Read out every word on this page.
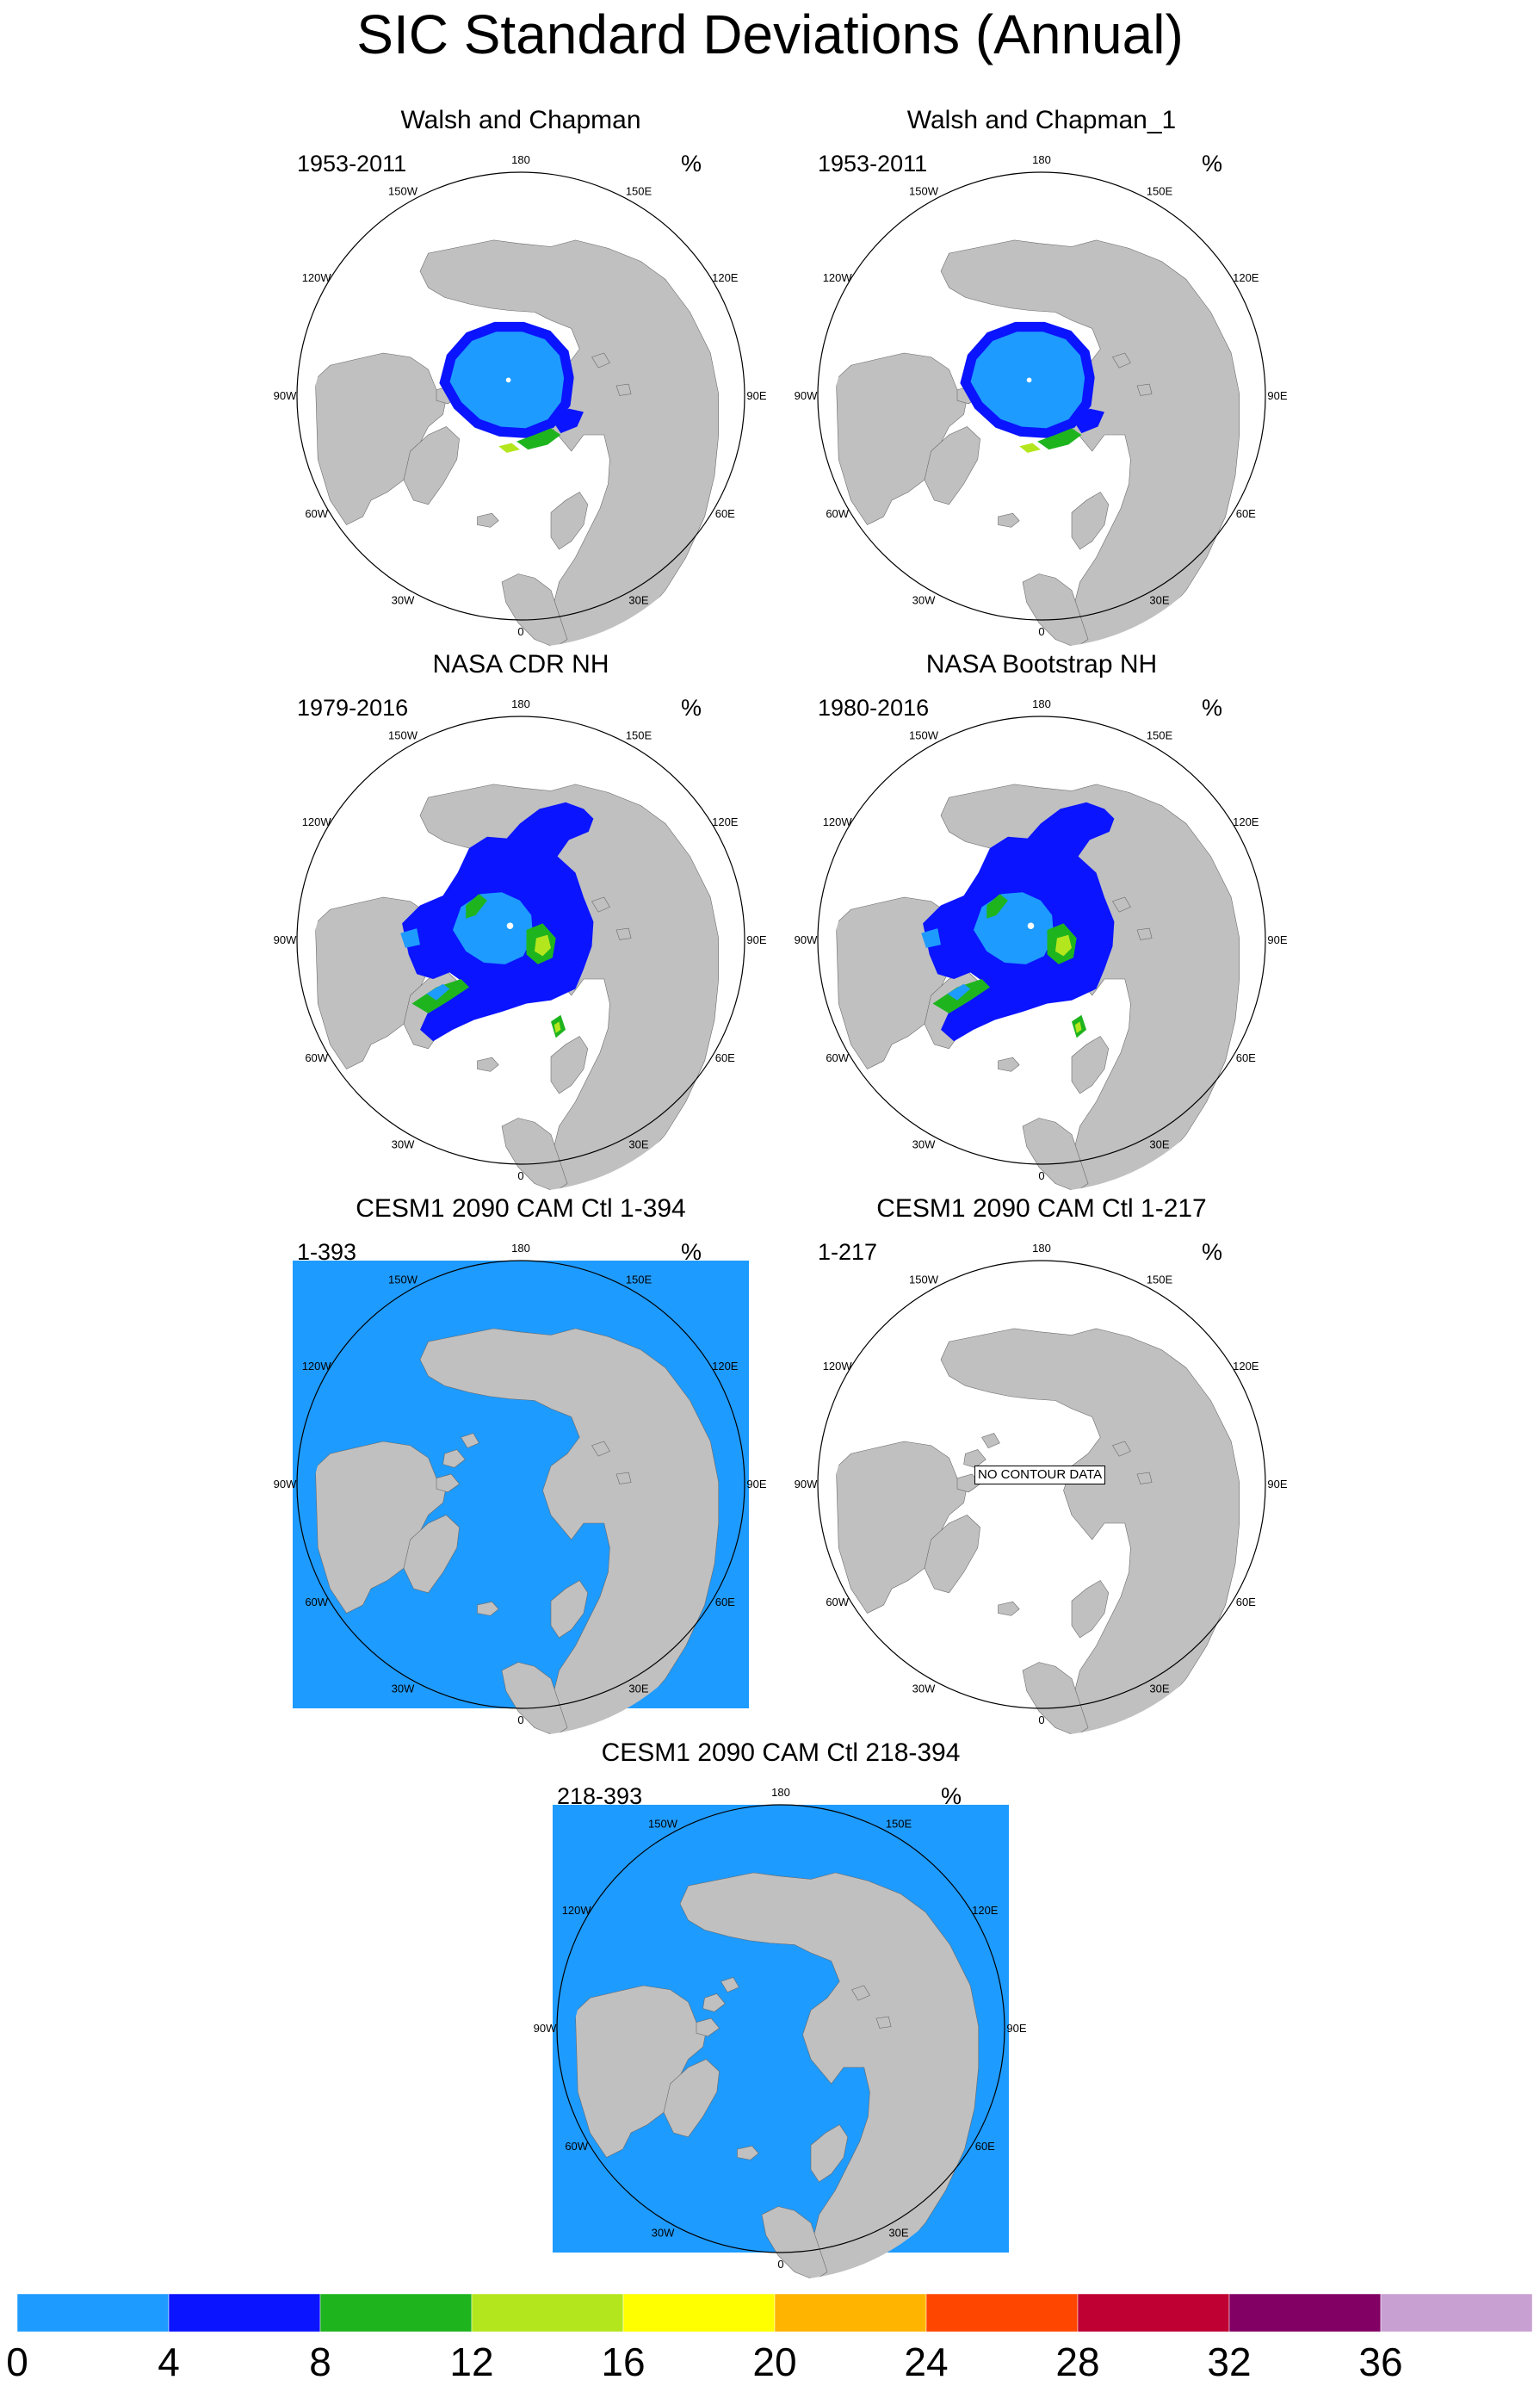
SIC Standard Deviations (Annual)
Walsh and Chapman
1953-2011	%
180
150E
120E
90E
60E
30E
0
30W
60W
90W
120W
150W
Walsh and Chapman_1
1953-2011	%
180
150E
120E
90E
60E
30E
0
30W
60W
90W
120W
150W
NASA CDR NH
1979-2016	%
180
150E
120E
90E
60E
30E
0
30W
60W
90W
120W
150W
NASA Bootstrap NH
1980-2016	%
180
150E
120E
90E
60E
30E
0
30W
60W
90W
120W
150W
CESM1 2090 CAM Ctl 1-394
180
150E
120E
90E
60E
30E
0
30W
60W
90W
120W
150W
1-393	%
CESM1 2090 CAM Ctl 1-217
1-217	%
180
150E
120E
90E
60E
30E
0
30W
60W
90W
120W
150W
NO CONTOUR DATA
CESM1 2090 CAM Ctl 218-394
180
150E
120E
90E
60E
30E
0
30W
60W
90W
120W
150W
218-393	%
0	4	8	12	16	20	24	28	32	36
